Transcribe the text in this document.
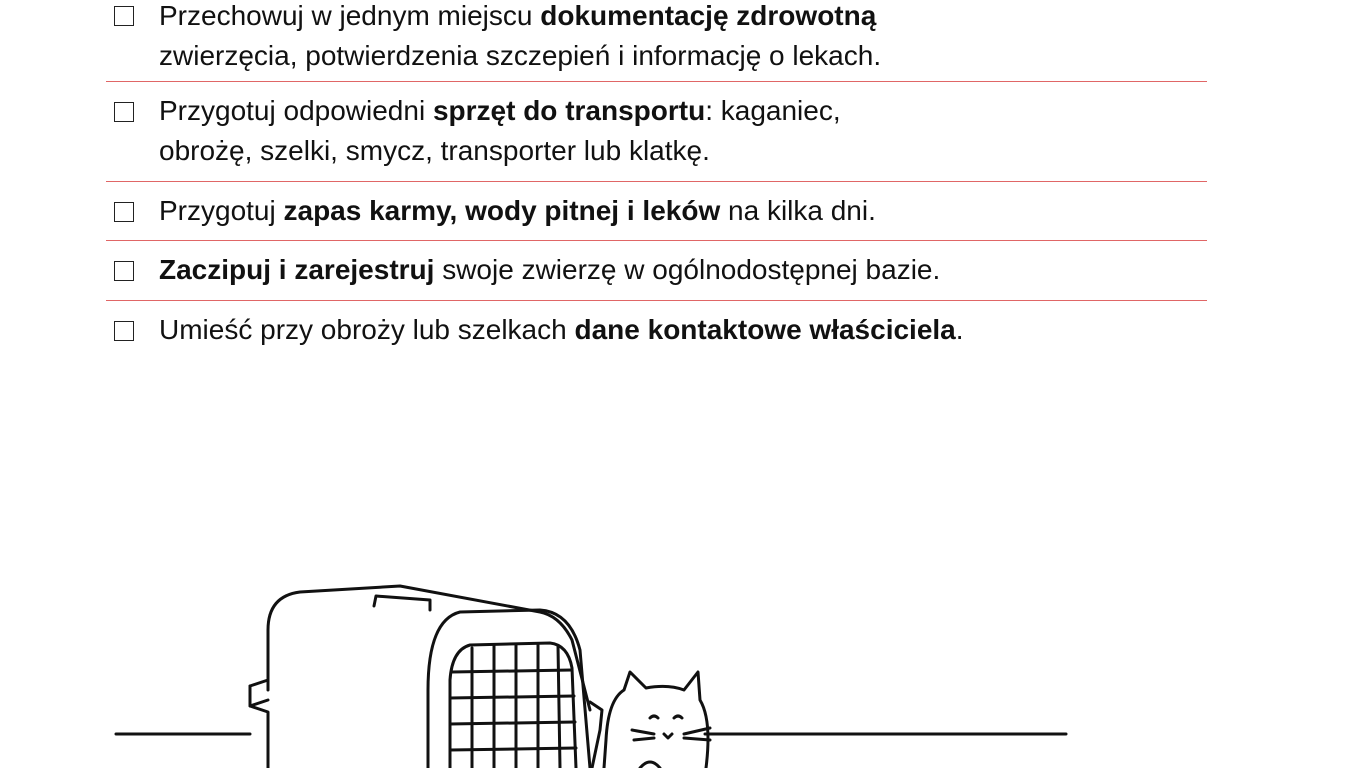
Przechowuj w jednym miejscu dokumentację zdrowotną
zwierzęcia, potwierdzenia szczepień i informację o lekach.
Przygotuj odpowiedni sprzęt do transportu: kaganiec,
obrożę, szelki, smycz, transporter lub klatkę.
Przygotuj zapas karmy, wody pitnej i leków na kilka dni.
Zaczipuj i zarejestruj swoje zwierzę w ogólnodostępnej bazie.
Umieść przy obroży lub szelkach dane kontaktowe właściciela.
